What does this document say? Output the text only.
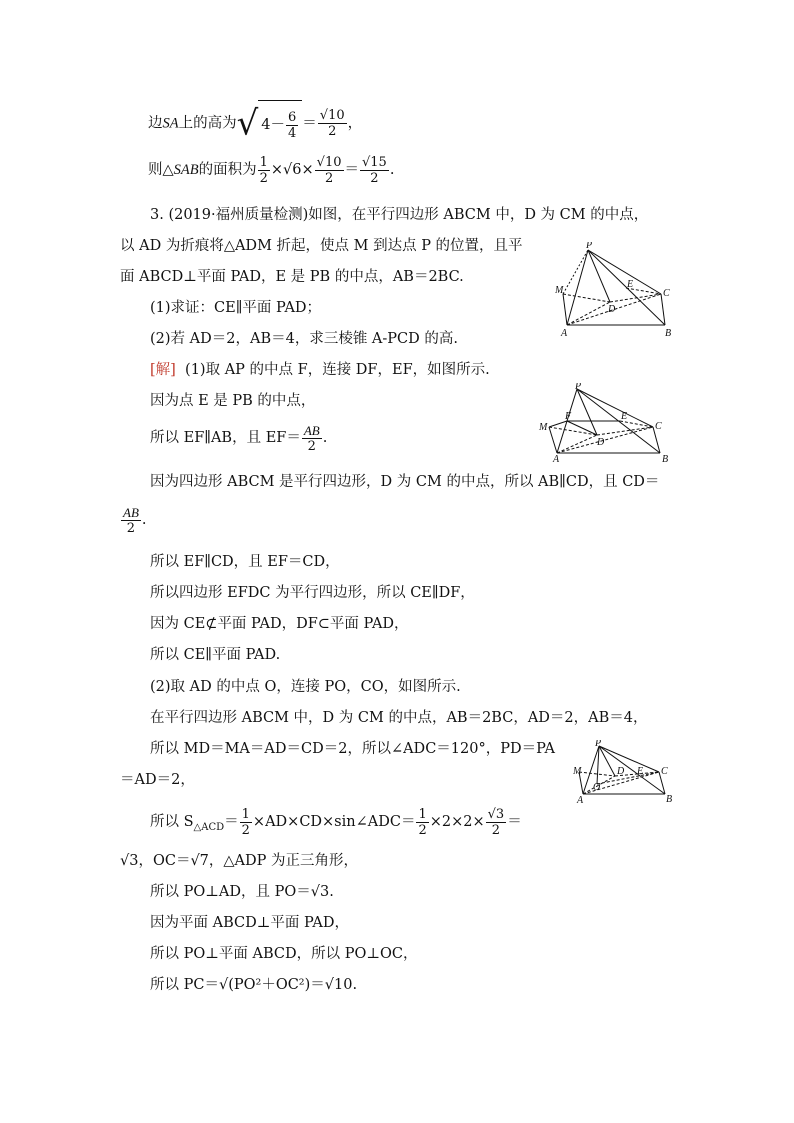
边SA上的高为√ $4- \frac{6}{4} = \frac{√10}{2}$ ，
则△SAB的面积为 $\frac{1}{2} \times√6\times \frac{√10}{2} = \frac{√15}{2}$ .
3. (2019·福州质量检测)如图，在平行四边形 ABCM 中，D 为 CM 的中点，
以 AD 为折痕将△ADM 折起，使点 M 到达点 P 的位置，且平
面 ABCD⊥平面 PAD，E 是 PB 的中点，AB＝2BC.
(1)求证：CE∥平面 PAD；
(2)若 AD＝2，AB＝4，求三棱锥 A-PCD 的高.
P
M
E
C
D
A	B
[解] (1)取 AP 的中点 F，连接 DF，EF，如图所示.
因为点 E 是 PB 的中点，
所以 EF∥AB，且 $EF= \frac{AB}{2}$ .
P
M
F	E
C
D
A	B
因为四边形 ABCM 是平行四边形，D 为 CM 的中点，所以 AB∥CD，且 CD＝
$\frac{AB}{2}$ .
所以 EF∥CD，且 EF＝CD，
所以四边形 EFDC 为平行四边形，所以 CE∥DF，
因为 CE⊄平面 PAD，DF⊂平面 PAD，
所以 CE∥平面 PAD.
(2)取 AD 的中点 O，连接 PO，CO，如图所示.
在平行四边形 ABCM 中，D 为 CM 的中点，AB＝2BC，AD＝2，AB＝4，
所以 MD＝MA＝AD＝CD＝2，所以∠ADC＝120°，PD＝PA
＝AD＝2，
P
M	D E C
O
A	B
所以 $S_{\triangle ACD}= \frac{1}{2}$ ×AD×CD×sin∠ADC＝ $\frac{1}{2} \times 2\times 2\times \frac{√3}{2}$ ＝
√3，OC＝√7，△ADP 为正三角形，
所以 PO⊥AD，且 PO＝√3.
因为平面 ABCD⊥平面 PAD，
所以 PO⊥平面 ABCD，所以 PO⊥OC，
所以 PC＝√(PO²＋OC²)＝√10.
